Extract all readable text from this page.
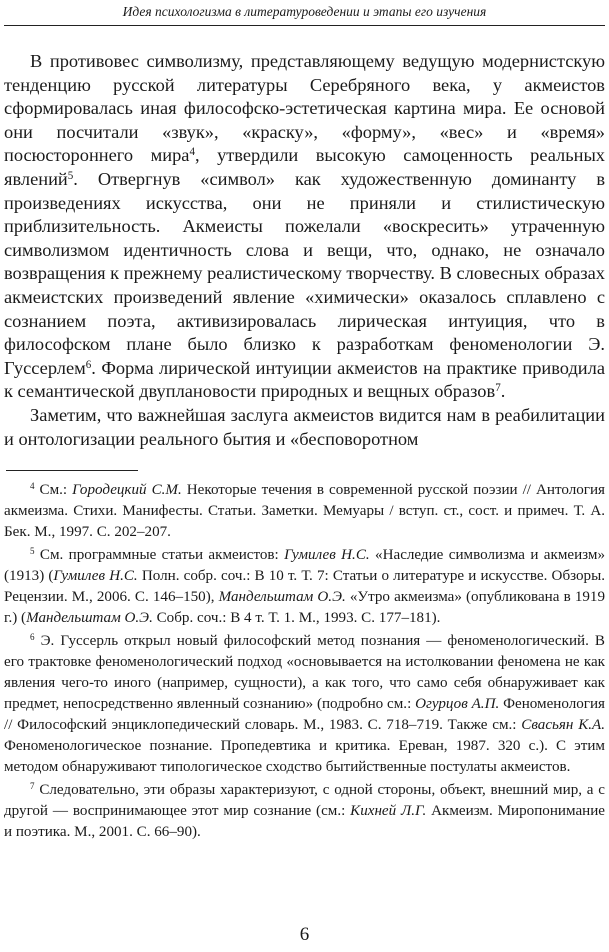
Идея психологизма в литературоведении и этапы его изучения

В противовес символизму, представляющему ведущую модернистскую тенденцию русской литературы Серебряного века, у акмеистов сформировалась иная философско-эстетическая картина мира. Ее основой они посчитали «звук», «краску», «форму», «вес» и «время» посюстороннего мира$^4$, утвердили высокую самоценность реальных явлений$^5$. Отвергнув «символ» как художественную доминанту в произведениях искусства, они не приняли и стилистическую приблизительность. Акмеисты пожелали «воскресить» утраченную символизмом идентичность слова и вещи, что, однако, не означало возвращения к прежнему реалистическому творчеству. В словесных образах акмеистских произведений явление «химически» оказалось сплавлено с сознанием поэта, активизировалась лирическая интуиция, что в философском плане было близко к разработкам феноменологии Э. Гуссерлем$^6$. Форма лирической интуиции акмеистов на практике приводила к семантической двуплановости природных и вещных образов$^7$.

Заметим, что важнейшая заслуга акмеистов видится нам в реабилитации и онтологизации реального бытия и «бесповоротном

$^4$ См.: Городецкий С.М. Некоторые течения в современной русской поэзии // Антология акмеизма. Стихи. Манифесты. Статьи. Заметки. Мемуары / вступ. ст., сост. и примеч. Т. А. Бек. М., 1997. С. 202–207.

$^5$ См. программные статьи акмеистов: Гумилев Н.С. «Наследие символизма и акмеизм» (1913) (Гумилев Н.С. Полн. собр. соч.: В 10 т. Т. 7: Статьи о литературе и искусстве. Обзоры. Рецензии. М., 2006. С. 146–150), Мандельштам О.Э. «Утро акмеизма» (опубликована в 1919 г.) (Мандельштам О.Э. Собр. соч.: В 4 т. Т. 1. М., 1993. С. 177–181).

$^6$ Э. Гуссерль открыл новый философский метод познания — феноменологический. В его трактовке феноменологический подход «основывается на истолковании феномена не как явления чего-то иного (например, сущности), а как того, что само себя обнаруживает как предмет, непосредственно явленный сознанию» (подробно см.: Огурцов А.П. Феноменология // Философский энциклопедический словарь. М., 1983. С. 718–719. Также см.: Свасьян К.А. Феноменологическое познание. Пропедевтика и критика. Ереван, 1987. 320 с.). С этим методом обнаруживают типологическое сходство бытийственные постулаты акмеистов.

$^7$ Следовательно, эти образы характеризуют, с одной стороны, объект, внешний мир, а с другой — воспринимающее этот мир сознание (см.: Кихней Л.Г. Акмеизм. Миропонимание и поэтика. М., 2001. С. 66–90).

6
